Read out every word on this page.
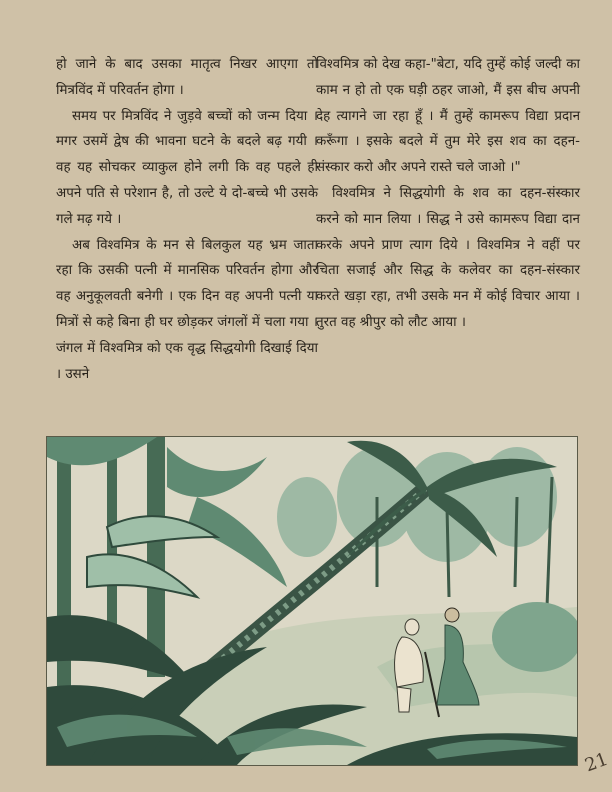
हो जाने के बाद उसका मातृत्व निखर आएगा तो मित्रविंद में परिवर्तन होगा ।

समय पर मित्रविंद ने जुड़वे बच्चों को जन्म दिया । मगर उसमें द्वेष की भावना घटने के बदले बढ़ गयी । वह यह सोचकर व्याकुल होने लगी कि वह पहले ही अपने पति से परेशान है, तो उल्टे ये दो-बच्चे भी उसके गले मढ़ गये ।

अब विश्वमित्र के मन से बिलकुल यह भ्रम जाता रहा कि उसकी पत्नी में मानसिक परिवर्तन होगा और वह अनुकूलवती बनेगी । एक दिन वह अपनी पत्नी या मित्रों से कहे बिना ही घर छोड़कर जंगलों में चला गया । जंगल में विश्वमित्र को एक वृद्ध सिद्धयोगी दिखाई दिया । उसने

विश्वमित्र को देख कहा-"बेटा, यदि तुम्हें कोई जल्दी का काम न हो तो एक घड़ी ठहर जाओ, मैं इस बीच अपनी देह त्यागने जा रहा हूँ । मैं तुम्हें कामरूप विद्या प्रदान करूँगा । इसके बदले में तुम मेरे इस शव का दहन-संस्कार करो और अपने रास्ते चले जाओ ।"

विश्वमित्र ने सिद्धयोगी के शव का दहन-संस्कार करने को मान लिया । सिद्ध ने उसे कामरूप विद्या दान करके अपने प्राण त्याग दिये । विश्वमित्र ने वहीं पर चिता सजाई और सिद्ध के कलेवर का दहन-संस्कार करते खड़ा रहा, तभी उसके मन में कोई विचार आया । तुरत वह श्रीपुर को लौट आया ।

21
